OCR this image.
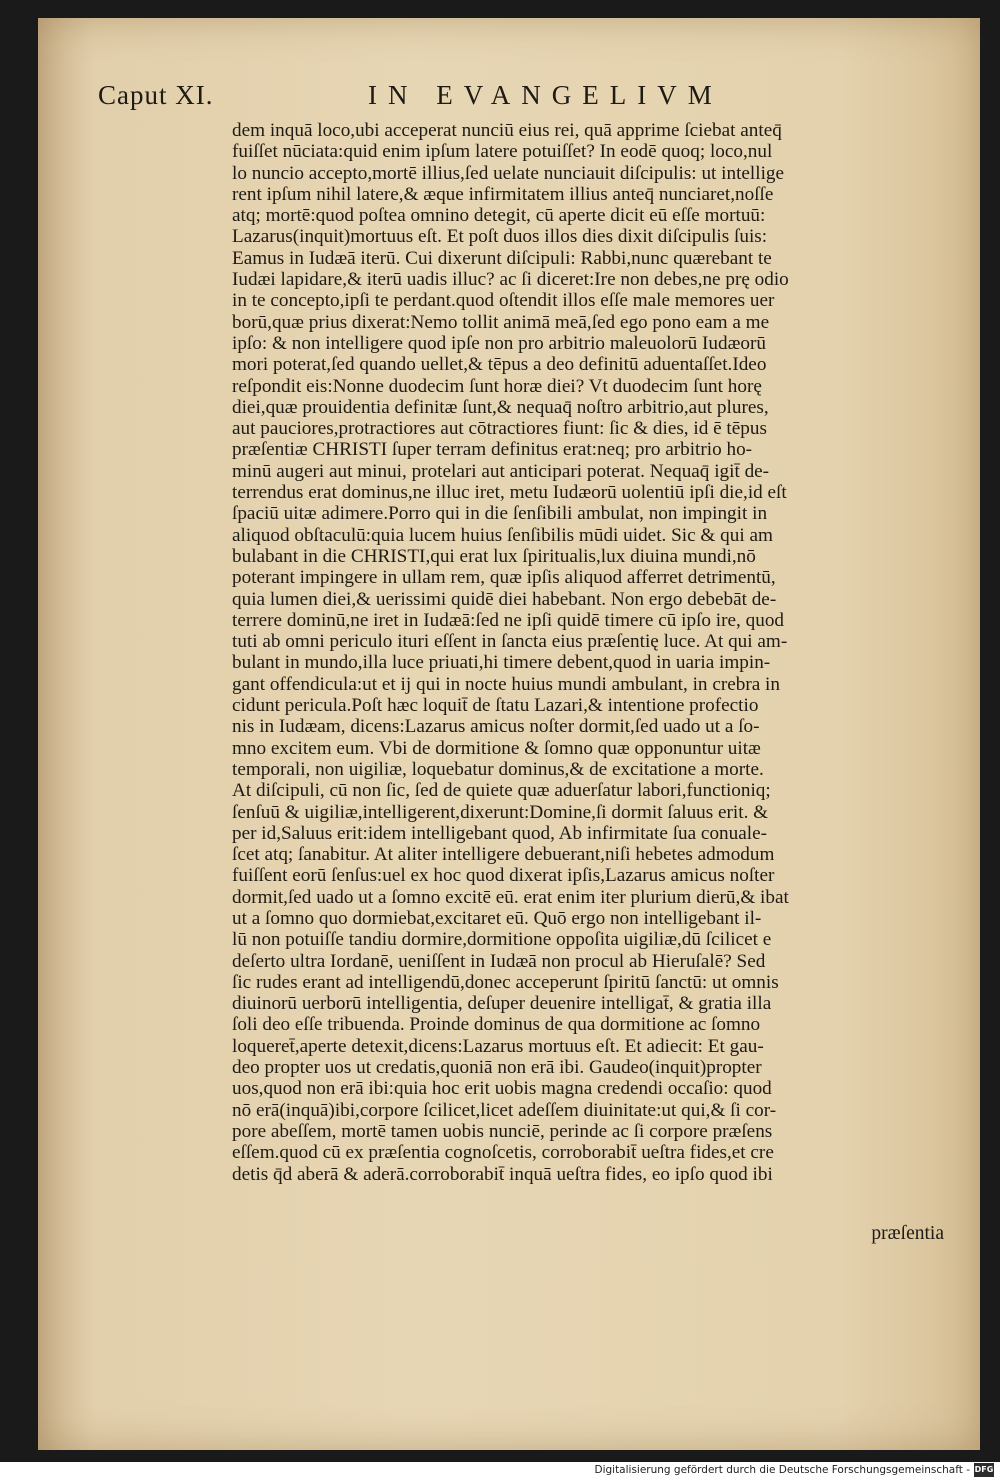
Caput XI.	IN EVANGELIVM
dem inquā loco,ubi acceperat nunciū eius rei, quā apprime ſciebat anteq̄
fuiſſet nūciata:quid enim ipſum latere potuiſſet? In eodē quoq; loco,nul
lo nuncio accepto,mortē illius,ſed uelate nunciauit diſcipulis: ut intellige
rent ipſum nihil latere,& æque infirmitatem illius anteq̄ nunciaret,noſſe
atq; mortē:quod poſtea omnino detegit, cū aperte dicit eū eſſe mortuū:
Lazarus(inquit)mortuus eſt. Et poſt duos illos dies dixit diſcipulis ſuis:
Eamus in Iudæā iterū. Cui dixerunt diſcipuli: Rabbi,nunc quærebant te
Iudæi lapidare,& iterū uadis illuc? ac ſi diceret:Ire non debes,ne prę odio
in te concepto,ipſi te perdant.quod oſtendit illos eſſe male memores uer
borū,quæ prius dixerat:Nemo tollit animā meā,ſed ego pono eam a me
ipſo: & non intelligere quod ipſe non pro arbitrio maleuolorū Iudæorū
mori poterat,ſed quando uellet,& tēpus a deo definitū aduentaſſet.Ideo
reſpondit eis:Nonne duodecim ſunt horæ diei? Vt duodecim ſunt horę
diei,quæ prouidentia definitæ ſunt,& nequaq̄ noſtro arbitrio,aut plures,
aut pauciores,protractiores aut cōtractiores fiunt: ſic & dies, id ē tēpus
præſentiæ CHRISTI ſuper terram definitus erat:neq; pro arbitrio ho-
minū augeri aut minui, protelari aut anticipari poterat. Nequaq̄ igit̄ de-
terrendus erat dominus,ne illuc iret, metu Iudæorū uolentiū ipſi die,id eſt
ſpaciū uitæ adimere.Porro qui in die ſenſibili ambulat, non impingit in
aliquod obſtaculū:quia lucem huius ſenſibilis mūdi uidet. Sic & qui am
bulabant in die CHRISTI,qui erat lux ſpiritualis,lux diuina mundi,nō
poterant impingere in ullam rem, quæ ipſis aliquod afferret detrimentū,
quia lumen diei,& uerissimi quidē diei habebant. Non ergo debebāt de-
terrere dominū,ne iret in Iudæā:ſed ne ipſi quidē timere cū ipſo ire, quod
tuti ab omni periculo ituri eſſent in ſancta eius præſentię luce. At qui am-
bulant in mundo,illa luce priuati,hi timere debent,quod in uaria impin-
gant offendicula:ut et ij qui in nocte huius mundi ambulant, in crebra in
cidunt pericula.Poſt hæc loquit̄ de ſtatu Lazari,& intentione profectio
nis in Iudæam, dicens:Lazarus amicus noſter dormit,ſed uado ut a ſo-
mno excitem eum. Vbi de dormitione & ſomno quæ opponuntur uitæ
temporali, non uigiliæ, loquebatur dominus,& de excitatione a morte.
At diſcipuli, cū non ſic, ſed de quiete quæ aduerſatur labori,functioniq;
ſenſuū & uigiliæ,intelligerent,dixerunt:Domine,ſi dormit ſaluus erit. &
per id,Saluus erit:idem intelligebant quod, Ab infirmitate ſua conuale-
ſcet atq; ſanabitur. At aliter intelligere debuerant,niſi hebetes admodum
fuiſſent eorū ſenſus:uel ex hoc quod dixerat ipſis,Lazarus amicus noſter
dormit,ſed uado ut a ſomno excitē eū. erat enim iter plurium dierū,& ibat
ut a ſomno quo dormiebat,excitaret eū. Quō ergo non intelligebant il-
lū non potuiſſe tandiu dormire,dormitione oppoſita uigiliæ,dū ſcilicet e
deſerto ultra Iordanē, ueniſſent in Iudæā non procul ab Hieruſalē? Sed
ſic rudes erant ad intelligendū,donec acceperunt ſpiritū ſanctū: ut omnis
diuinorū uerborū intelligentia, deſuper deuenire intelligat̄, & gratia illa
ſoli deo eſſe tribuenda. Proinde dominus de qua dormitione ac ſomno
loqueret̄,aperte detexit,dicens:Lazarus mortuus eſt. Et adiecit: Et gau-
deo propter uos ut credatis,quoniā non erā ibi. Gaudeo(inquit)propter
uos,quod non erā ibi:quia hoc erit uobis magna credendi occaſio: quod
nō erā(inquā)ibi,corpore ſcilicet,licet adeſſem diuinitate:ut qui,& ſi cor-
pore abeſſem, mortē tamen uobis nunciē, perinde ac ſi corpore præſens
eſſem.quod cū ex præſentia cognoſcetis, corroborabit̄ ueſtra fides,et cre
detis q̄d aberā & aderā.corroborabit̄ inquā ueſtra fides, eo ipſo quod ibi
præſentia
Digitalisierung gefördert durch die Deutsche Forschungsgemeinschaft - DFG
